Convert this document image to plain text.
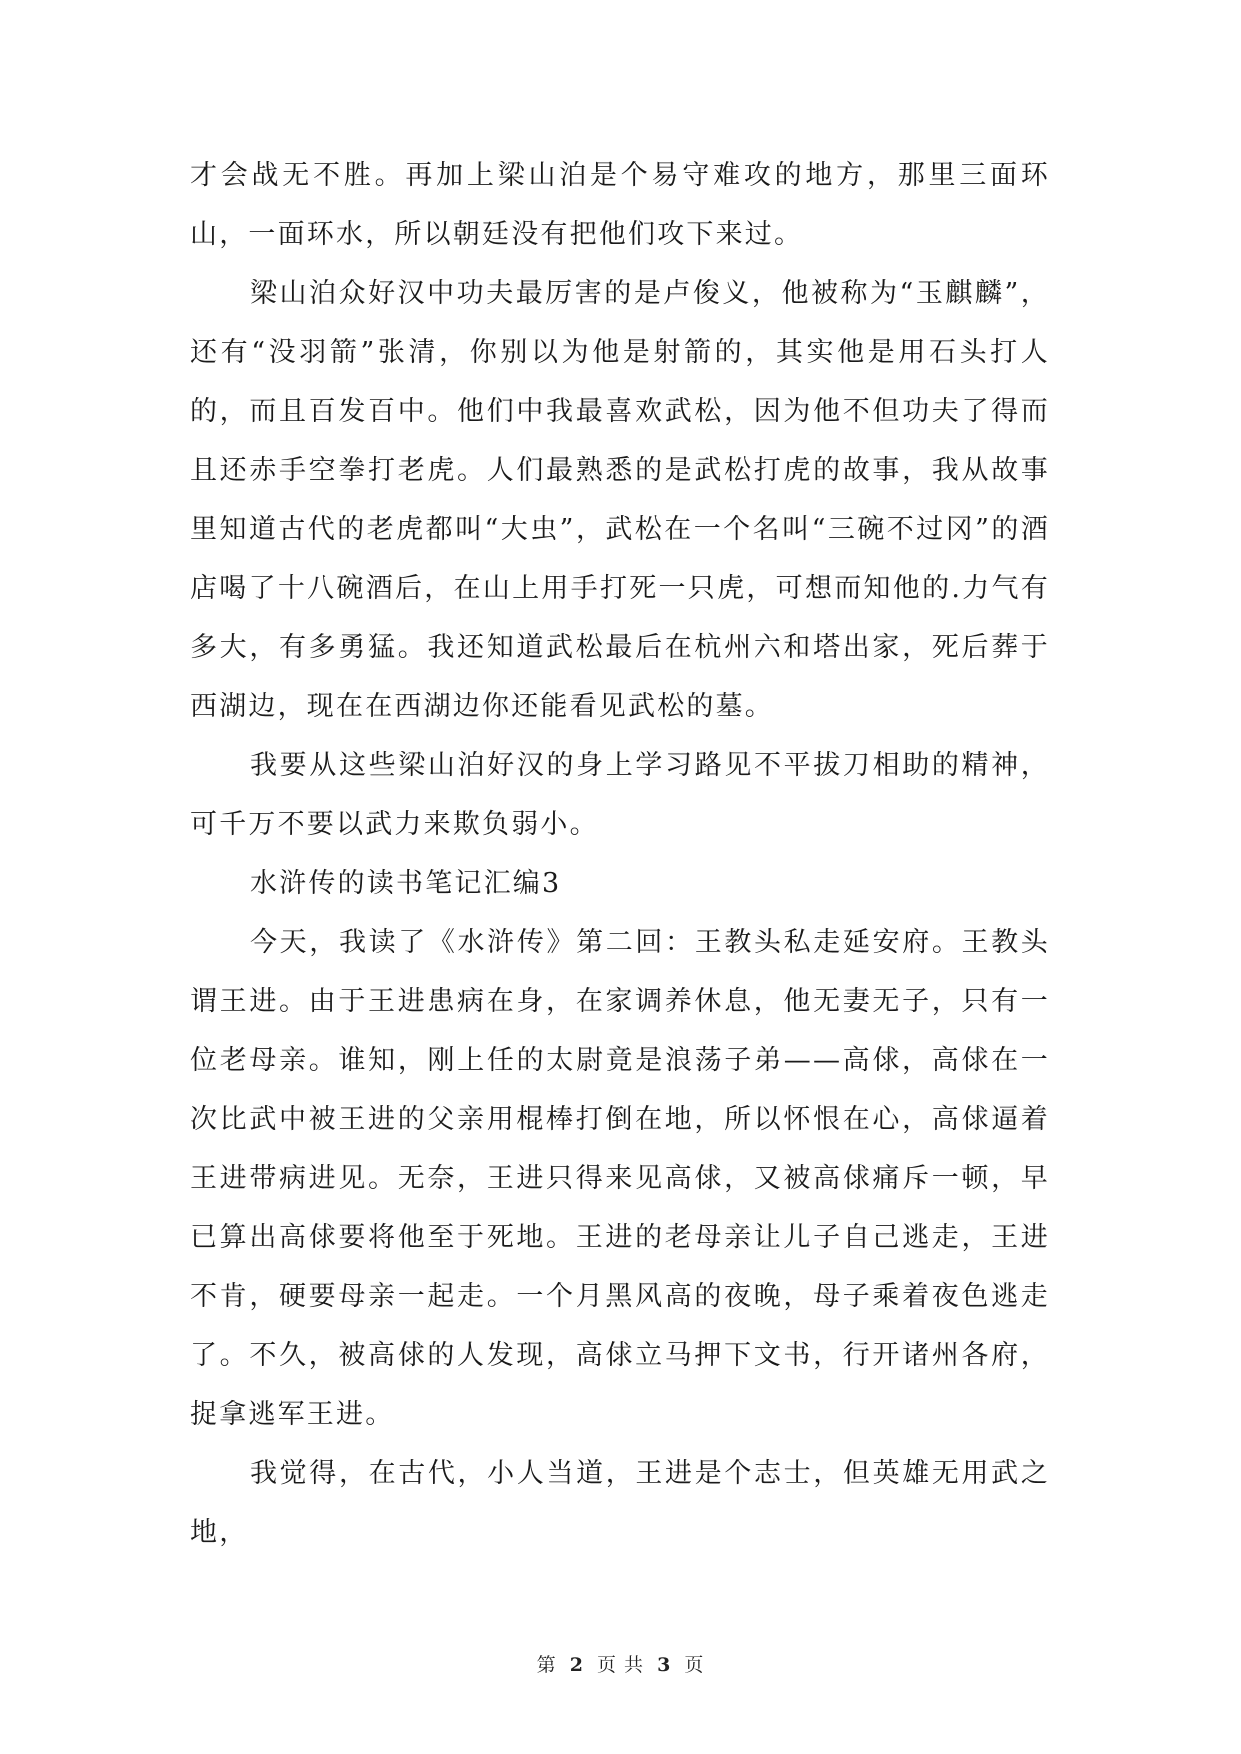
才会战无不胜。再加上梁山泊是个易守难攻的地方，那里三面环山，一面环水，所以朝廷没有把他们攻下来过。

梁山泊众好汉中功夫最厉害的是卢俊义，他被称为“玉麒麟”，还有“没羽箭”张清，你别以为他是射箭的，其实他是用石头打人的，而且百发百中。他们中我最喜欢武松，因为他不但功夫了得而且还赤手空拳打老虎。人们最熟悉的是武松打虎的故事，我从故事里知道古代的老虎都叫“大虫”，武松在一个名叫“三碗不过冈”的酒店喝了十八碗酒后，在山上用手打死一只虎，可想而知他的.力气有多大，有多勇猛。我还知道武松最后在杭州六和塔出家，死后葬于西湖边，现在在西湖边你还能看见武松的墓。

我要从这些梁山泊好汉的身上学习路见不平拔刀相助的精神，可千万不要以武力来欺负弱小。

水浒传的读书笔记汇编3

今天，我读了《水浒传》第二回：王教头私走延安府。王教头谓王进。由于王进患病在身，在家调养休息，他无妻无子，只有一位老母亲。谁知，刚上任的太尉竟是浪荡子弟——高俅，高俅在一次比武中被王进的父亲用棍棒打倒在地，所以怀恨在心，高俅逼着王进带病进见。无奈，王进只得来见高俅，又被高俅痛斥一顿，早已算出高俅要将他至于死地。王进的老母亲让儿子自己逃走，王进不肯，硬要母亲一起走。一个月黑风高的夜晚，母子乘着夜色逃走了。不久，被高俅的人发现，高俅立马押下文书，行开诸州各府，捉拿逃军王进。

我觉得，在古代，小人当道，王进是个志士，但英雄无用武之地，

第 2 页 共 3 页
